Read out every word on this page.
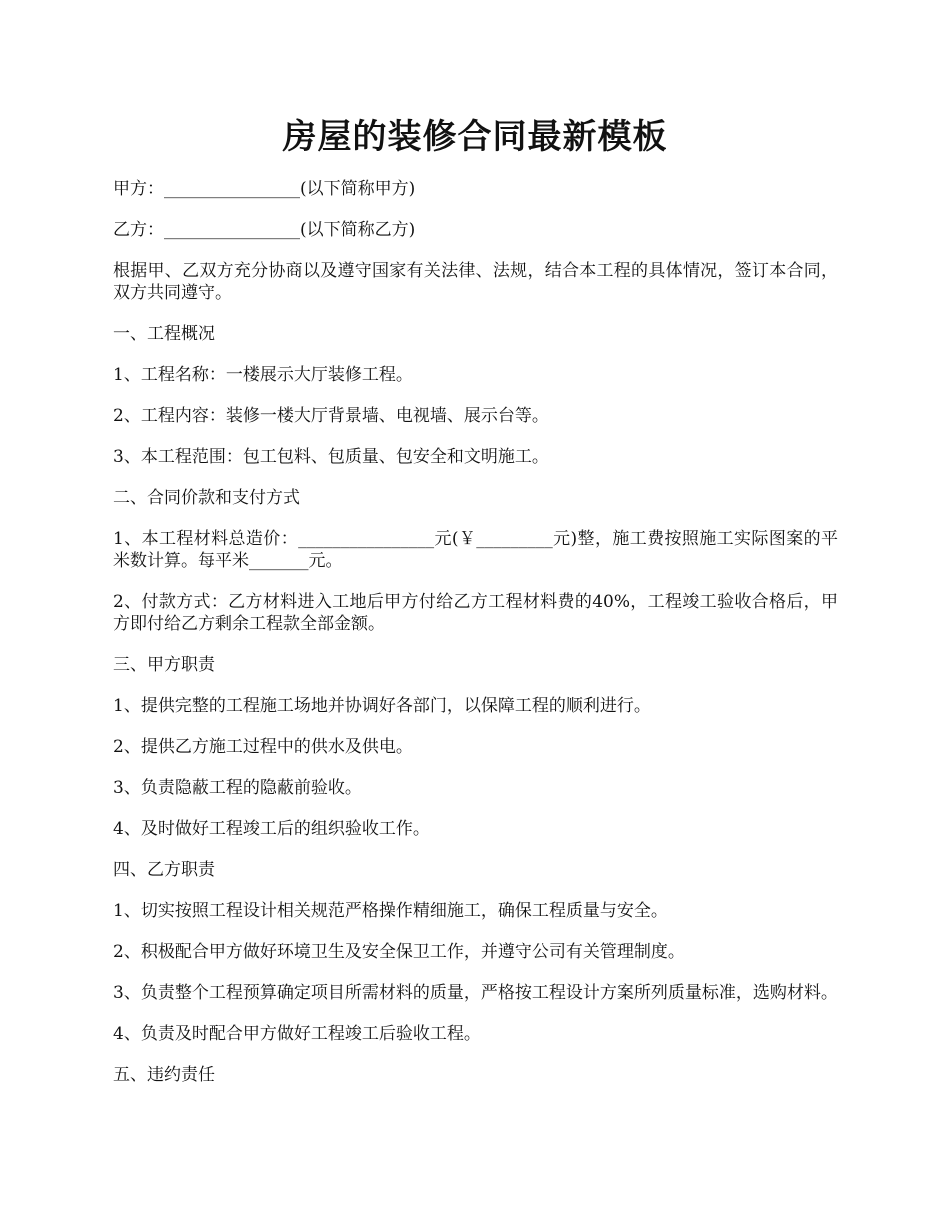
房屋的装修合同最新模板

甲方：________________(以下简称甲方)

乙方：________________(以下简称乙方)

根据甲、乙双方充分协商以及遵守国家有关法律、法规，结合本工程的具体情况，签订本合同，双方共同遵守。

一、工程概况

1、工程名称：一楼展示大厅装修工程。

2、工程内容：装修一楼大厅背景墙、电视墙、展示台等。

3、本工程范围：包工包料、包质量、包安全和文明施工。

二、合同价款和支付方式

1、本工程材料总造价：________________元(￥_________元)整，施工费按照施工实际图案的平米数计算。每平米_______元。

2、付款方式：乙方材料进入工地后甲方付给乙方工程材料费的40%，工程竣工验收合格后，甲方即付给乙方剩余工程款全部金额。

三、甲方职责

1、提供完整的工程施工场地并协调好各部门，以保障工程的顺利进行。

2、提供乙方施工过程中的供水及供电。

3、负责隐蔽工程的隐蔽前验收。

4、及时做好工程竣工后的组织验收工作。

四、乙方职责

1、切实按照工程设计相关规范严格操作精细施工，确保工程质量与安全。

2、积极配合甲方做好环境卫生及安全保卫工作，并遵守公司有关管理制度。

3、负责整个工程预算确定项目所需材料的质量，严格按工程设计方案所列质量标准，选购材料。

4、负责及时配合甲方做好工程竣工后验收工程。

五、违约责任
